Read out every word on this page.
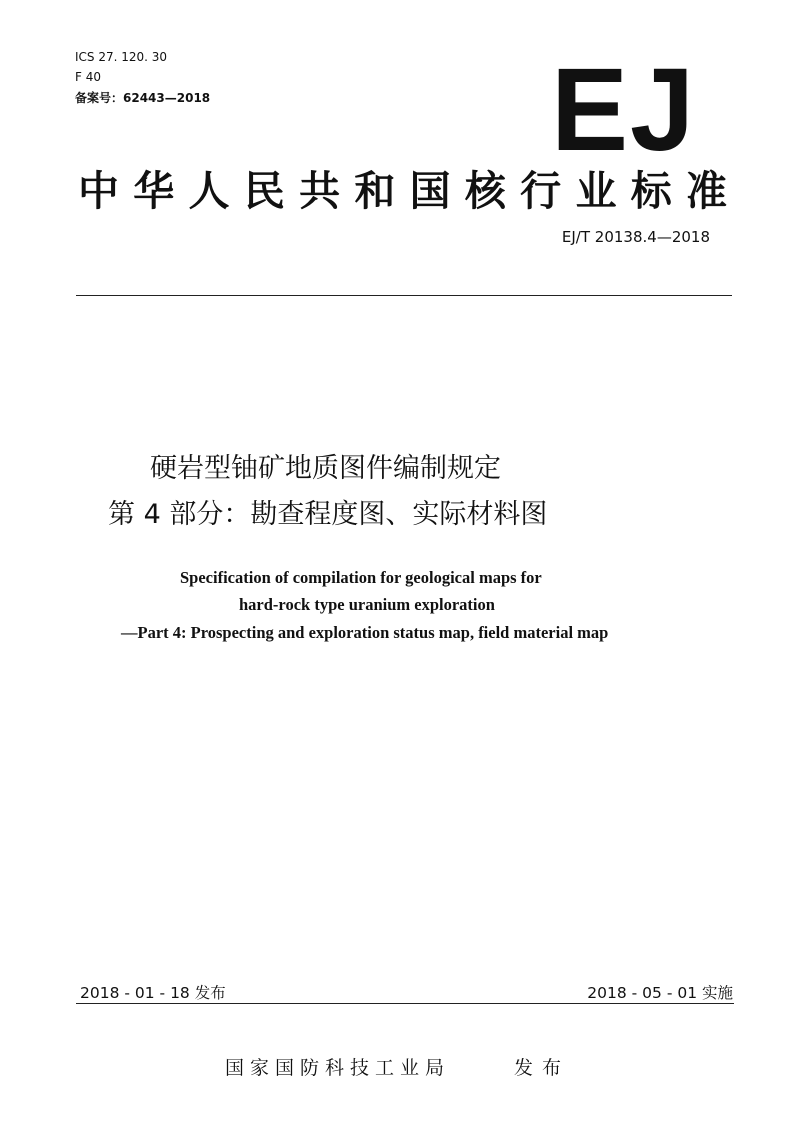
ICS 27. 120. 30
F 40
备案号：62443—2018	EJ
中华人民共和国核行业标准
EJ/T 20138.4—2018
硬岩型铀矿地质图件编制规定
第 4 部分：勘查程度图、实际材料图
Specification of compilation for geological maps for
hard-rock type uranium exploration
—Part 4: Prospecting and exploration status map, field material map
2018 - 01 - 18 发布	2018 - 05 - 01 实施
国家国防科技工业局	发布
